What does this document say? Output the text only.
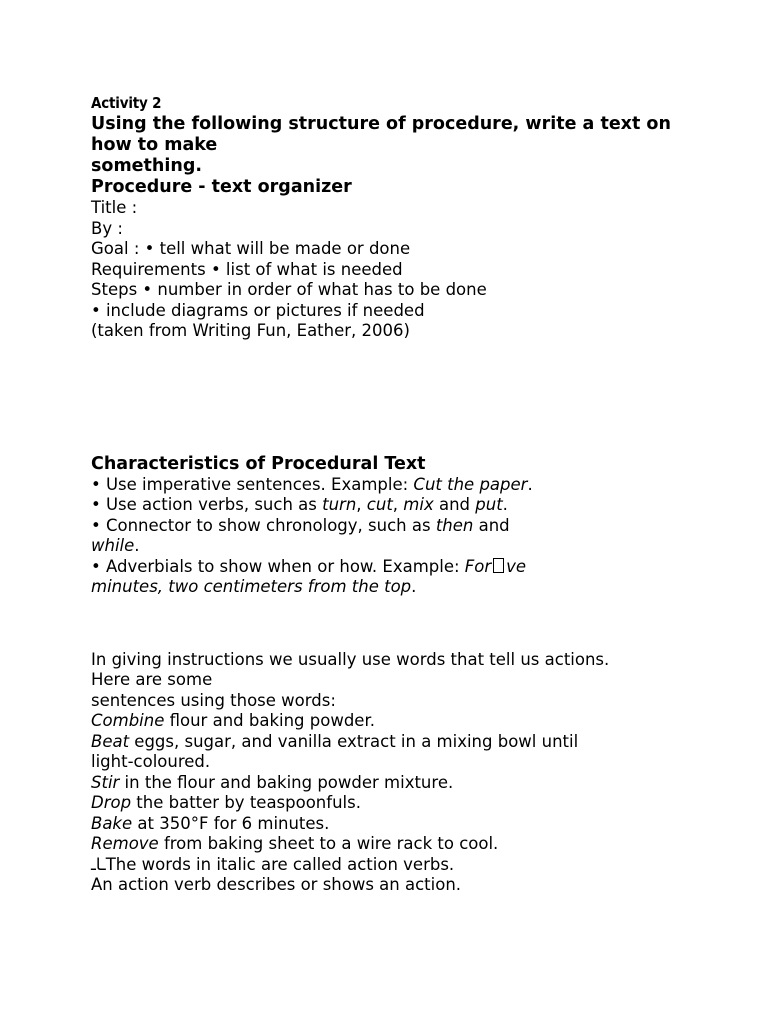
Activity 2
Using the following structure of procedure, write a text on
how to make
something.
Procedure - text organizer
Title :
By :
Goal : • tell what will be made or done
Requirements • list of what is needed
Steps • number in order of what has to be done
• include diagrams or pictures if needed
(taken from Writing Fun, Eather, 2006)
Characteristics of Procedural Text
• Use imperative sentences. Example: Cut the paper.
• Use action verbs, such as turn, cut, mix and put.
• Connector to show chronology, such as then and
while.
• Adverbials to show when or how. Example: For ve
minutes, two centimeters from the top.
In giving instructions we usually use words that tell us actions.
Here are some
sentences using those words:
Combine flour and baking powder.
Beat eggs, sugar, and vanilla extract in a mixing bowl until
light-coloured.
Stir in the flour and baking powder mixture.
Drop the batter by teaspoonfuls.
Bake at 350°F for 6 minutes.
Remove from baking sheet to a wire rack to cool.
ـاـThe words in italic are called action verbs.
An action verb describes or shows an action.
